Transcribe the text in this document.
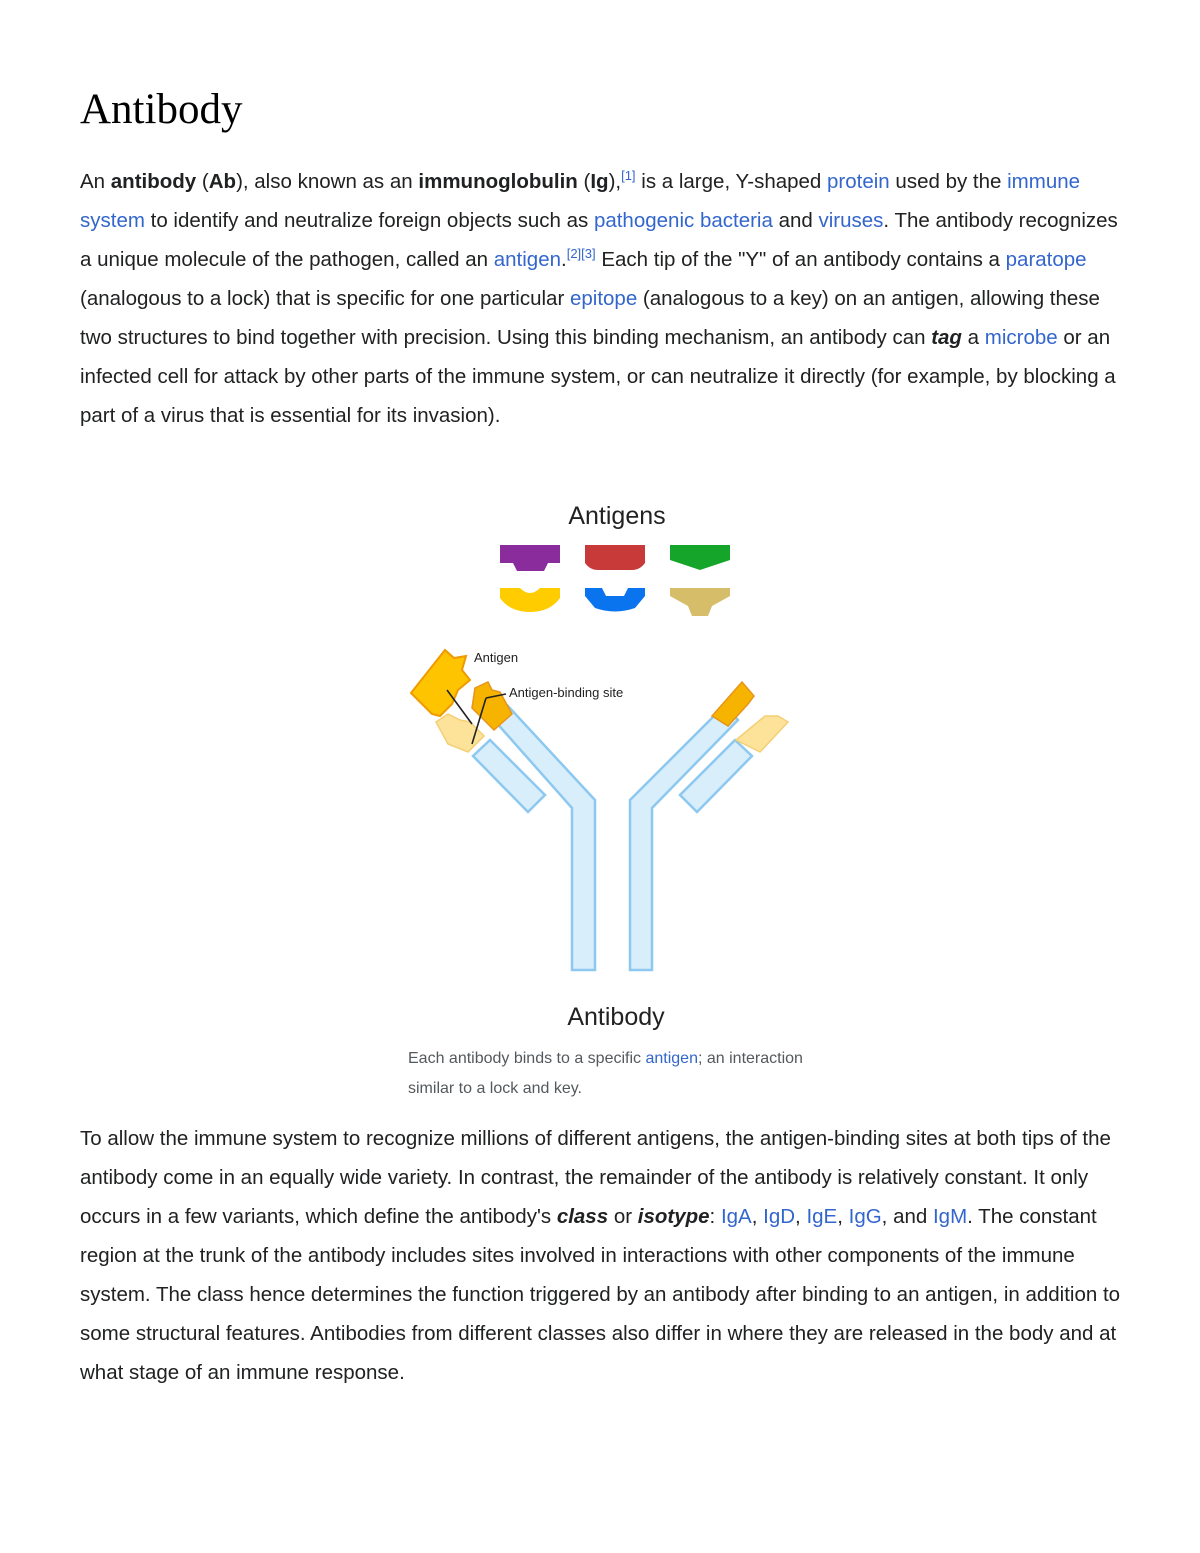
Antibody

An antibody (Ab), also known as an immunoglobulin (Ig),[1] is a large, Y-shaped protein used by the immune system to identify and neutralize foreign objects such as pathogenic bacteria and viruses. The antibody recognizes a unique molecule of the pathogen, called an antigen.[2][3] Each tip of the "Y" of an antibody contains a paratope (analogous to a lock) that is specific for one particular epitope (analogous to a key) on an antigen, allowing these two structures to bind together with precision. Using this binding mechanism, an antibody can tag a microbe or an infected cell for attack by other parts of the immune system, or can neutralize it directly (for example, by blocking a part of a virus that is essential for its invasion).

Antigens
Antigen
Antigen-binding site
Antibody

Each antibody binds to a specific antigen; an interaction similar to a lock and key.

To allow the immune system to recognize millions of different antigens, the antigen-binding sites at both tips of the antibody come in an equally wide variety. In contrast, the remainder of the antibody is relatively constant. It only occurs in a few variants, which define the antibody's class or isotype: IgA, IgD, IgE, IgG, and IgM. The constant region at the trunk of the antibody includes sites involved in interactions with other components of the immune system. The class hence determines the function triggered by an antibody after binding to an antigen, in addition to some structural features. Antibodies from different classes also differ in where they are released in the body and at what stage of an immune response.
